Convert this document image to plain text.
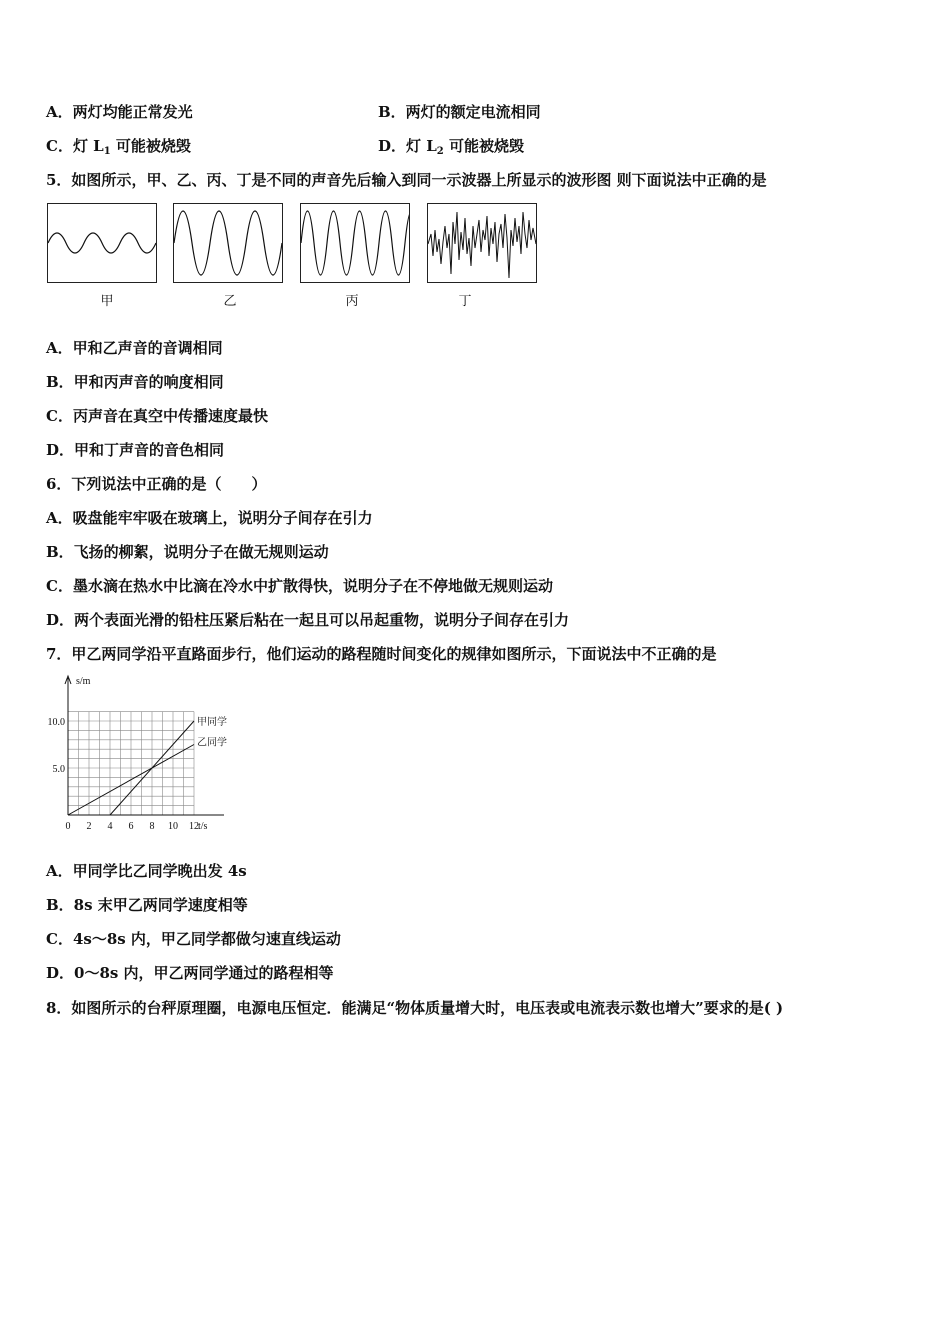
A．两灯均能正常发光	B．两灯的额定电流相同
C．灯 $L_1$ 可能被烧毁	D．灯 $L_2$ 可能被烧毁
5．如图所示，甲、乙、丙、丁是不同的声音先后输入到同一示波器上所显示的波形图 则下面说法中正确的是
甲	乙	丙	丁
A．甲和乙声音的音调相同
B．甲和丙声音的响度相同
C．丙声音在真空中传播速度最快
D．甲和丁声音的音色相同
6．下列说法中正确的是（　　）
A．吸盘能牢牢吸在玻璃上，说明分子间存在引力
B．飞扬的柳絮，说明分子在做无规则运动
C．墨水滴在热水中比滴在冷水中扩散得快，说明分子在不停地做无规则运动
D．两个表面光滑的铅柱压紧后粘在一起且可以吊起重物，说明分子间存在引力
7．甲乙两同学沿平直路面步行，他们运动的路程随时间变化的规律如图所示，下面说法中不正确的是
甲同学
乙同学
0 2 4 6 8 10 12
5.0
10.0
t/s
s/m
A．甲同学比乙同学晚出发 4s
B．8s 末甲乙两同学速度相等
C．4s～8s 内，甲乙同学都做匀速直线运动
D．0～8s 内，甲乙两同学通过的路程相等
8．如图所示的台秤原理圈，电源电压恒定．能满足“物体质量增大时，电压表或电流表示数也增大”要求的是( )
